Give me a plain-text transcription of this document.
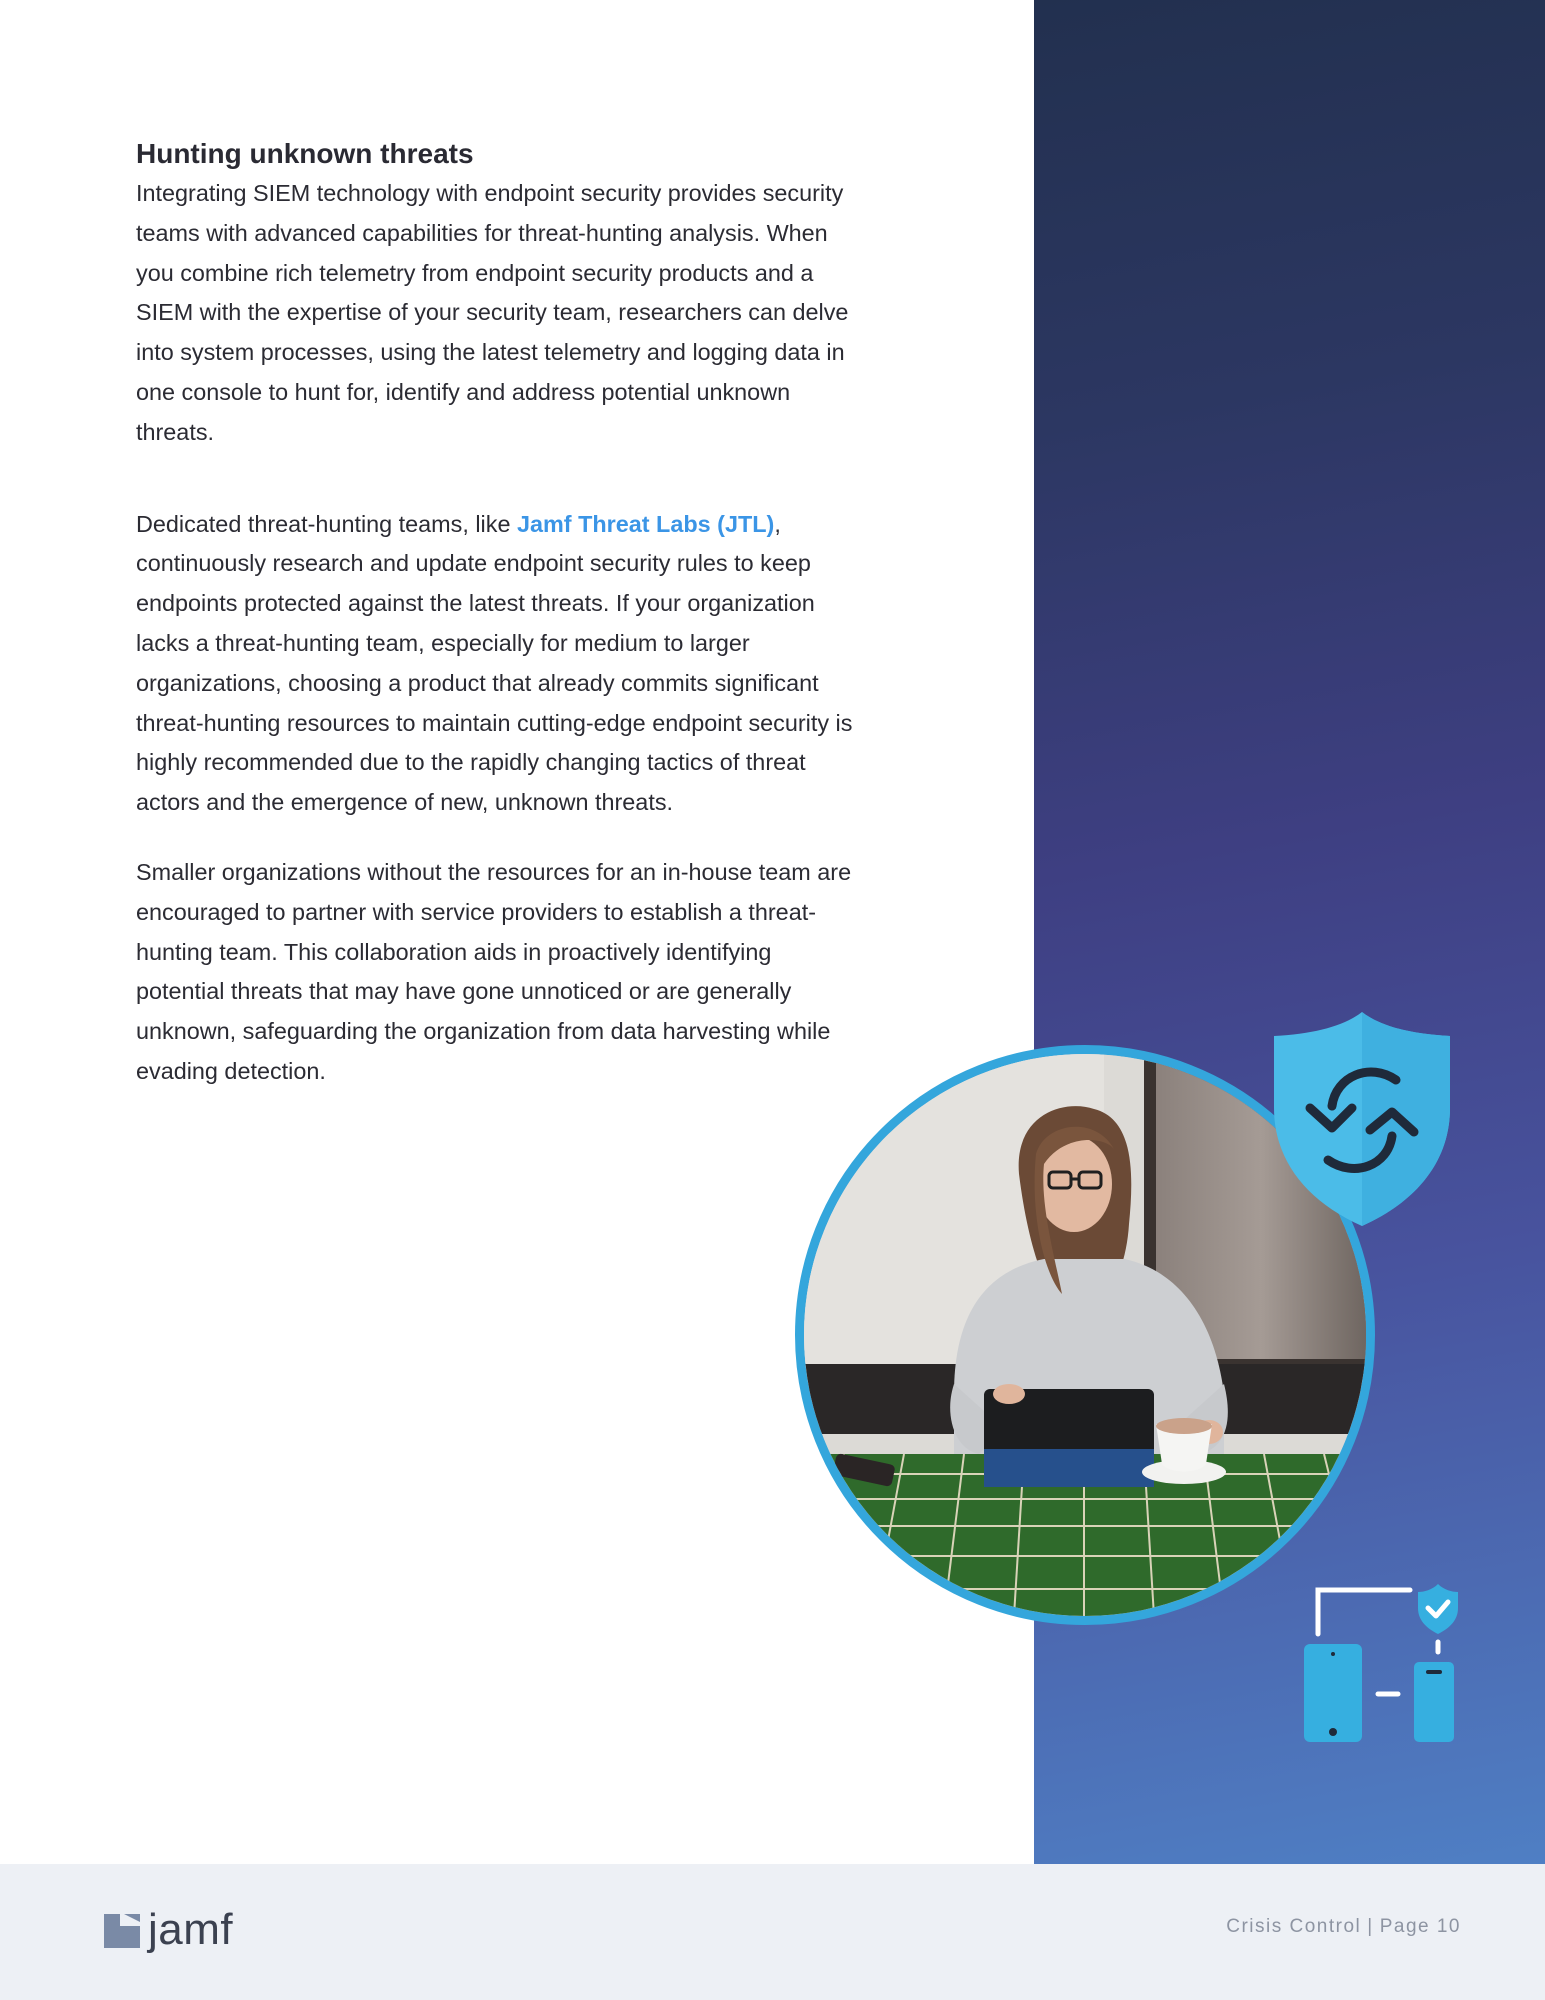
Hunting unknown threats

Integrating SIEM technology with endpoint security provides security teams with advanced capabilities for threat-hunting analysis. When you combine rich telemetry from endpoint security products and a SIEM with the expertise of your security team, researchers can delve into system processes, using the latest telemetry and logging data in one console to hunt for, identify and address potential unknown threats.

Dedicated threat-hunting teams, like Jamf Threat Labs (JTL), continuously research and update endpoint security rules to keep endpoints protected against the latest threats. If your organization lacks a threat-hunting team, especially for medium to larger organizations, choosing a product that already commits significant threat-hunting resources to maintain cutting-edge endpoint security is highly recommended due to the rapidly changing tactics of threat actors and the emergence of new, unknown threats.

Smaller organizations without the resources for an in-house team are encouraged to partner with service providers to establish a threat-hunting team. This collaboration aids in proactively identifying potential threats that may have gone unnoticed or are generally unknown, safeguarding the organization from data harvesting while evading detection.

jamf	Crisis Control | Page 10
